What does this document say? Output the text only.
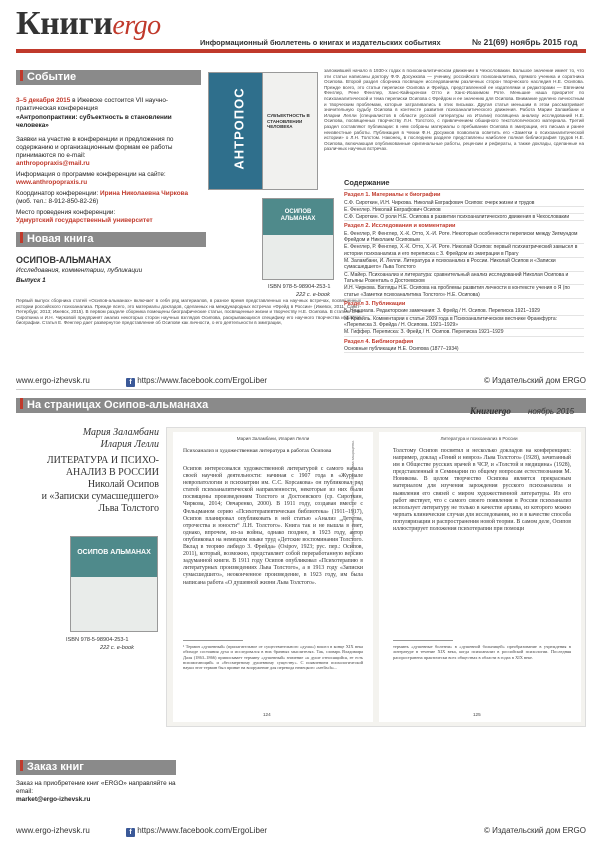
Книгиergo
Информационный бюллетень о книгах и издательских событиях	№ 21(69) ноябрь 2015 год
Событие
3–5 декабря 2015 в Ижевске состоится VII научно-практическая конференция
«Антропопрактики: субъектность в становлении человека»
Заявки на участие в конференции и предложения по содержанию и организационным формам ее работы принимаются по e-mail:
anthropopraxis@mail.ru
Информация о программе конференции на сайте:
www.anthropopraxis.ru
Координатор конференции: Ирина Николаевна Чиркова
(моб. тел.: 8-912-850-82-26)
Место проведения конференции:
Удмуртский государственный университет
АНТРОПОС	СУБЪЕКТНОСТЬ В СТАНОВЛЕНИИ ЧЕЛОВЕКА
заложившей начало в 1930-х годах в психоаналитическом движении в Чехословакии. Большое значение имеет то, что эти статьи написаны доктору Ф.Ф. Досужкова — ученику, российского психоаналитика, прямого ученика и соратника Осипова. Второй раздел сборника посвящен исследованиям различных сторон творческого наследия Н.Е. Осипова. Прежде всего, это статьи переписке Осипова и Фрейда, представленной ее издателями и редакторами — Евгением Фенглер, Рене Фенглер, Ханс-Кайнцхеном Отто и Ханс-Иоахимом Роте. Меньшие наша приоритет по психоаналитической и тема переписки Осипова с Фрейдом и ее значению для Осипова. Внимание уделено личностным и творческим проблемам, которые затрагивались в этих письмах. Другая статья меньшим в этом рассматривает значительную судьбу Осипова в контексте развития психоаналитического движения. Работа Марии Заламбани и Иларии Лелли (специалистов в области русской литературы из Италии) посвящена анализу исследований Н.Е. Осипова, посвященных творчеству Л.Н. Толстого, с привлечением обширного текстологического материала. Третий раздел составляют публикации: в нем собраны материалы о пребывании Осипова в эмиграции, его письма и ранее неизвестные работы. Публикация в Чехии Ф.Н. Досужков позволила осветить его «Заметки о психоаналитической истории» о Л.Н. Толстом. Наконец, в последнем разделе представлены наиболее полная библиография трудов Н.Е. Осипова, включающая опубликованные оригинальные работы, рецензии и рефераты, а также доклады, сделанные на различных научных встречах.
Новая книга
ОСИПОВ-АЛЬМАНАХ
Исследования, комментарии, публикации
Выпуск 1
Первый выпуск сборника статей «Осипов-альманах» включает в себя ряд материалов, в разное время представленных на научных встречах, посвященных истории российского психоанализа. Прежде всего, это материалы докладов, сделанных на международных встречах «Фрейд в России» (Ижевск, 2011; Санкт-Петербург, 2013; Ижевск, 2015). В первом разделе сборника помещены биографические статьи, посвященные жизни и творчеству Н.Е. Осипова. В статьях С.Ф. Сироткина и И.Н. Чирковой предпринят анализ некоторых сторон научных взглядов Осипова, раскрывающихся специфику его научного творчества и фактов биографии. Статья Е. Фенглер дает развернутое представление об Осипове как личности, о его деятельности в эмиграции,
ОСИПОВ АЛЬМАНАХ
ISBN 978-5-98904-253-1
222 с. e-book
Содержание
Раздел 1. Материалы к биографии
С.Ф. Сироткин, И.Н. Чиркова. Николай Евграфович Осипов: очерк жизни и трудов
Е. Фенглер. Николай Евграфович Осипов
С.Ф. Сироткин. О роли Н.Е. Осипова в развитии психоаналитического движения в Чехословакии
Раздел 2. Исследования и комментарии
Е. Фенглер, Р. Фенглер, Х.-К. Отто, Х.-И. Роте. Некоторые особенности переписки между Зигмундом Фрейдом и Николаем Осиповым
Е. Фенглер, Р. Фенглер, Х.-К. Отто, Х.-И. Роте. Николай Осипов: первый психиатрический замысел в истории психоанализа и его переписка с З. Фрейдом из эмиграции в Прагу
М. Заламбани, И. Лелли. Литература и психоанализ в России. Николай Осипов и «Записки сумасшедшего» Льва Толстого
С. Майер. Психоанализ и литература: сравнительный анализ исследований Николая Осипова и Татьяны Розенталь о Достоевском
И.Н. Чиркова. Взгляды Н.Е. Осипова на проблемы развития личности в контексте учения о Я (по статье «Заметки психоаналитика Толстого» Н.Е. Осипова)
Раздел 3. Публикации
Б. Нацциала. Редакторские замечания: З. Фрейд / Н. Осипов. Переписка 1921–1929
М. Краэйль. Комментарии к статье 2009 года в Психоаналитическом вестнике Франкфурта: «Переписка З. Фрейда / Н. Осипова. 1921–1929»
М. Гиффер. Переписка: З. Фрейд / Н. Осипов. Переписка 1921–1929
Раздел 4. Библиография
Основные публикации Н.Е. Осипова (1877–1934)
www.ergo-izhevsk.ru	f https://www.facebook.com/ErgoLiber	© Издательский дом ERGO
На страницах Осипов-альманаха	Книгиergo ноябрь 2015
Мария Заламбани
Илария Лелли
ЛИТЕРАТУРА И ПСИХО-АНАЛИЗ В РОССИИ
Николай Осипов
и «Записки сумасшедшего»
Льва Толстого
ОСИПОВ АЛЬМАНАХ
ISBN 978-5-98904-253-1
222 с. e-book
Мария Заламбани, Илария Лелли
Психоанализ и художественная литература в работах Осипова
Осипов интересовался художественной литературой с самого начала своей научной деятельности: начиная с 1907 года в «Журнале невропатологии и психиатрии им. С.С. Корсакова» он публиковал ряд статей психоаналитической направленности, некоторые из них были посвящены произведениям Толстого и Достоевского (ср. Сироткин, Чиркова, 2014; Овчаренко, 2000). В 1911 году, создавая вместе с Фельцманом серию «Психотерапевтическая библиотека» (1911–1917), Осипов планировал опубликовать в ней статью «Анализ „Детства, отрочества и юности“ Л.Н. Толстого». Книга так и не вышла в свет, однако, впрочем, из-за войны, однако позднее, в 1923 году, автор опубликовал на немецком языке труд «Детские воспоминания Толстого. Вклад в теорию либидо З. Фрейда» (Osipov, 1923; рус. пер.: Осипов, 2011), который, возможно, представляет собой переработанную версию задуманной книги. В 1911 году Осипов опубликовал «Психотерапию в литературных произведениях Льва Толстого», а в 1913 году «Записки сумасшедшего», неоконченное произведение, в 1923 году, им была написана работа «О душевной жизни Льва Толстого».
¹ Термин «душевный» (прилагательное от существительного «душа») вошел в конце XIX века обиходе состояния духа и исследовался в них брачных мыслителях. Так, словарь Владимира Даля (1863–1866) приписывает термину «душевный» значение «к душе относящийся, ее есть вспомогающий» и «бессмертному душевному существу». С появлением психологической науки этот термин был принят на вооружение для перевода немецкого «seelisch»...
124
Литература и психоанализ в России
Толстому Осипов посвятил и несколько докладов на конференциях: например, доклад «Гений и невроз» Льва Толстого» (1928), зачитанный им в Обществе русских врачей в ЧСР, и «Толстой и медицина» (1928), представленный в Семинарии по общему вопросам естествознания М. Новикова. В целом творчество Осипова является прекрасным материалом для изучения зарождения русского психоанализа и выявления его связей с миром художественной литературы. Из его работ явствует, что с самого своего появления в России психоанализ использует литературу не только в качестве архива, из которого можно черпать клинические случаи для исследования, но и в качестве способа популяризации и распространения новой теории. В самом деле, Осипов иллюстрирует положения психотерапии при помощи
терминъ «душевные болезни» в «душевной больницей» преобразование в учреждения в литературе в течение XIX века, когда психоанализ в российской психологии. Последняя распространена практически всех обществах в области в годах в XIX веке.
125
© 000 Издательский дом «ERGO», 2015. Все права защищены.
Заказ книг
Заказ на приобретение книг «ERGO» направляйте на email:
market@ergo-izhevsk.ru
www.ergo-izhevsk.ru	f https://www.facebook.com/ErgoLiber	© Издательский дом ERGO
